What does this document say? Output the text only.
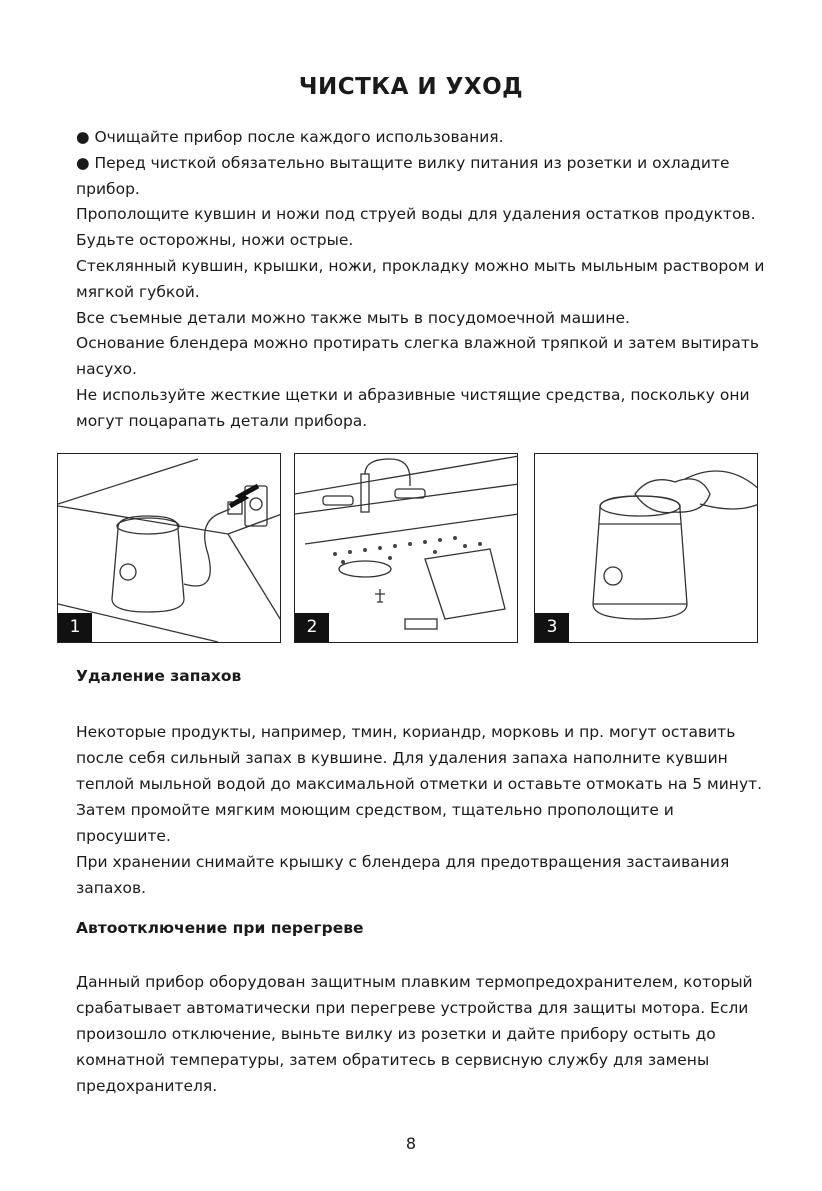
ЧИСТКА И УХОД

● Очищайте прибор после каждого использования.

● Перед чисткой обязательно вытащите вилку питания из розетки и охладите прибор.

Прополощите кувшин и ножи под струей воды для удаления остатков продуктов. Будьте осторожны, ножи острые.

Стеклянный кувшин, крышки, ножи, прокладку можно мыть мыльным раствором и мягкой губкой.

Все съемные детали можно также мыть в посудомоечной машине.

Основание блендера можно протирать слегка влажной тряпкой и затем вытирать насухо.

Не используйте жесткие щетки и абразивные чистящие средства, поскольку они могут поцарапать детали прибора.

1	2	3
Удаление запахов

Некоторые продукты, например, тмин, кориандр, морковь и пр. могут оставить после себя сильный запах в кувшине. Для удаления запаха наполните кувшин теплой мыльной водой до максимальной отметки и оставьте отмокать на 5 минут. Затем промойте мягким моющим средством, тщательно прополощите и просушите.

При хранении снимайте крышку с блендера для предотвращения застаивания запахов.

Автоотключение при перегреве

Данный прибор оборудован защитным плавким термопредохранителем, который срабатывает автоматически при перегреве устройства для защиты мотора. Если произошло отключение, выньте вилку из розетки и дайте прибору остыть до комнатной температуры, затем обратитесь в сервисную службу для замены предохранителя.

8
